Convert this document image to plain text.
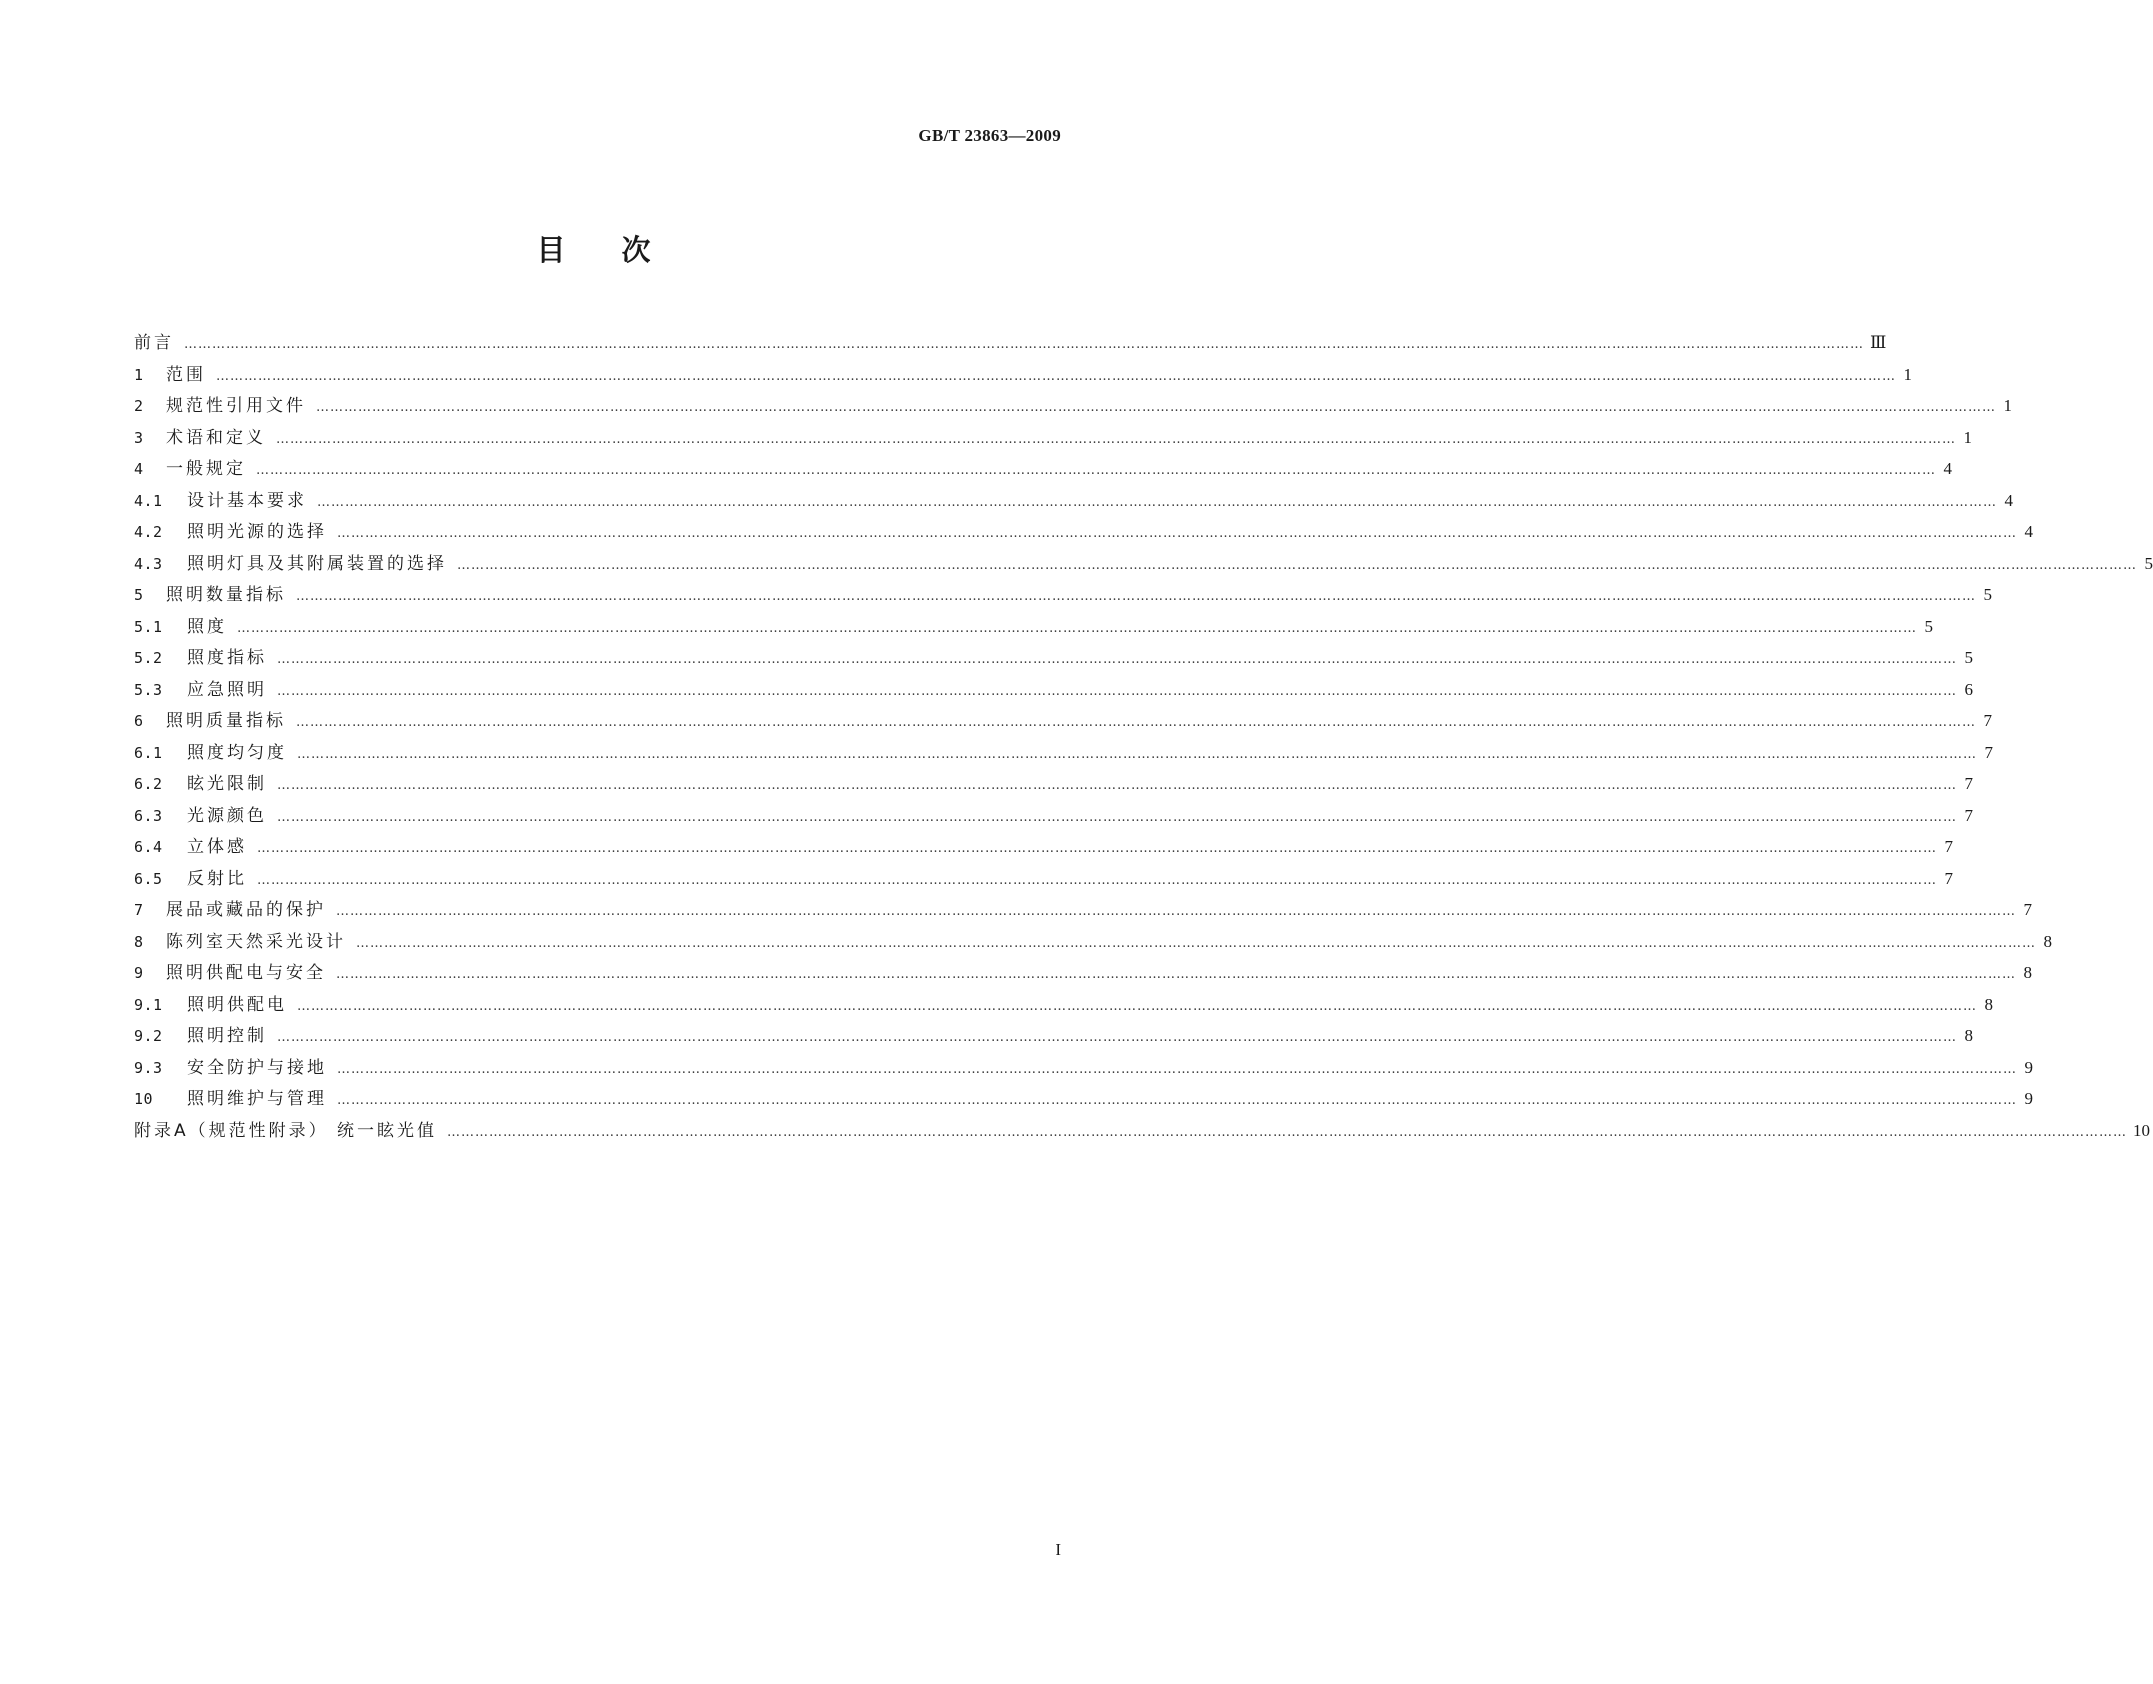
GB/T 23863—2009
目 次
前言 ……………………………………………………………………………………………………………………………………………………………………………………………………………………………………………………………………………………………………………………………… Ⅲ
1	范围 ……………………………………………………………………………………………………………………………………………………………………………………………………………………………………………………………………………………………………………………………… 1
2	规范性引用文件 ……………………………………………………………………………………………………………………………………………………………………………………………………………………………………………………………………………………………………………………………… 1
3	术语和定义 ……………………………………………………………………………………………………………………………………………………………………………………………………………………………………………………………………………………………………………………………… 1
4	一般规定 ……………………………………………………………………………………………………………………………………………………………………………………………………………………………………………………………………………………………………………………………… 4
4.1	设计基本要求 ……………………………………………………………………………………………………………………………………………………………………………………………………………………………………………………………………………………………………………………………… 4
4.2	照明光源的选择 ……………………………………………………………………………………………………………………………………………………………………………………………………………………………………………………………………………………………………………………………… 4
4.3	照明灯具及其附属装置的选择 ……………………………………………………………………………………………………………………………………………………………………………………………………………………………………………………………………………………………………………………………… 5
5	照明数量指标 ……………………………………………………………………………………………………………………………………………………………………………………………………………………………………………………………………………………………………………………………… 5
5.1	照度 ……………………………………………………………………………………………………………………………………………………………………………………………………………………………………………………………………………………………………………………………… 5
5.2	照度指标 ……………………………………………………………………………………………………………………………………………………………………………………………………………………………………………………………………………………………………………………………… 5
5.3	应急照明 ……………………………………………………………………………………………………………………………………………………………………………………………………………………………………………………………………………………………………………………………… 6
6	照明质量指标 ……………………………………………………………………………………………………………………………………………………………………………………………………………………………………………………………………………………………………………………………… 7
6.1	照度均匀度 ……………………………………………………………………………………………………………………………………………………………………………………………………………………………………………………………………………………………………………………………… 7
6.2	眩光限制 ……………………………………………………………………………………………………………………………………………………………………………………………………………………………………………………………………………………………………………………………… 7
6.3	光源颜色 ……………………………………………………………………………………………………………………………………………………………………………………………………………………………………………………………………………………………………………………………… 7
6.4	立体感 ……………………………………………………………………………………………………………………………………………………………………………………………………………………………………………………………………………………………………………………………… 7
6.5	反射比 ……………………………………………………………………………………………………………………………………………………………………………………………………………………………………………………………………………………………………………………………… 7
7	展品或藏品的保护 ……………………………………………………………………………………………………………………………………………………………………………………………………………………………………………………………………………………………………………………………… 7
8	陈列室天然采光设计 ……………………………………………………………………………………………………………………………………………………………………………………………………………………………………………………………………………………………………………………………… 8
9	照明供配电与安全 ……………………………………………………………………………………………………………………………………………………………………………………………………………………………………………………………………………………………………………………………… 8
9.1	照明供配电 ……………………………………………………………………………………………………………………………………………………………………………………………………………………………………………………………………………………………………………………………… 8
9.2	照明控制 ……………………………………………………………………………………………………………………………………………………………………………………………………………………………………………………………………………………………………………………………… 8
9.3	安全防护与接地 ……………………………………………………………………………………………………………………………………………………………………………………………………………………………………………………………………………………………………………………………… 9
10	照明维护与管理 ……………………………………………………………………………………………………………………………………………………………………………………………………………………………………………………………………………………………………………………………… 9
附录A（规范性附录） 统一眩光值 ……………………………………………………………………………………………………………………………………………………………………………………………………………………………………………………………………………………………………………………………… 10
I
